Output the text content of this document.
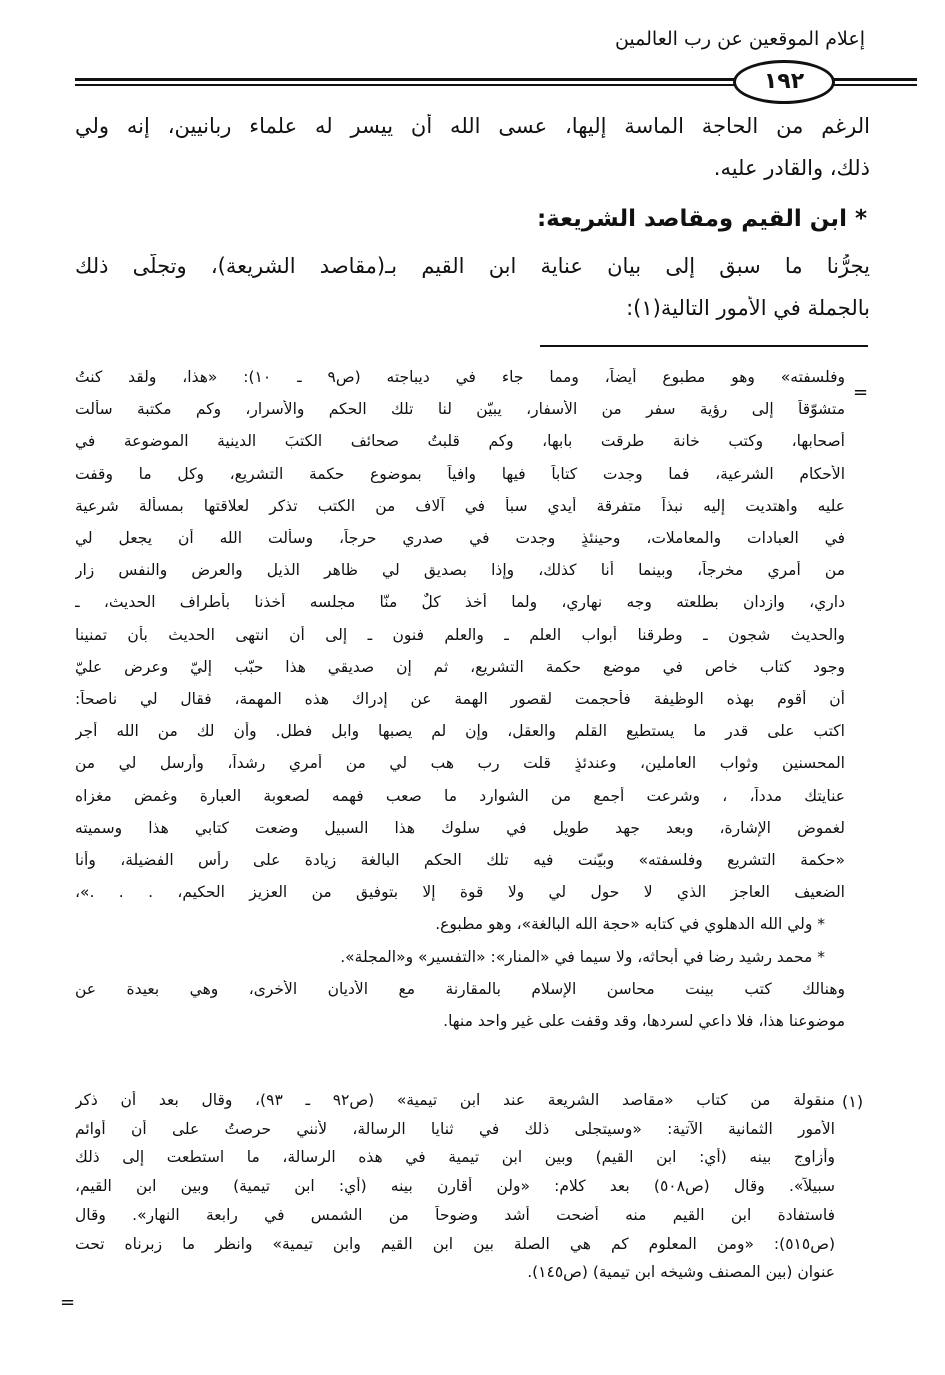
إعلام الموقعين عن رب العالمين
١٩٢
الرغم من الحاجة الماسة إليها، عسى الله أن ييسر له علماء ربانيين، إنه ولي
ذلك، والقادر عليه.
يجرُّنا ما سبق إلى بيان عناية ابن القيم بـ(مقاصد الشريعة)، وتجلَّى ذلك
بالجملة في الأمور التالية(١):
* ابن القيم ومقاصد الشريعة:
=
(١)
=
وفلسفته» وهو مطبوع أيضاً، ومما جاء في ديباجته (ص٩ ـ ١٠): «هذا، ولقد كنتُ
متشوّقاً إلى رؤية سفر من الأسفار، يبيّن لنا تلك الحكم والأسرار، وكم مكتبة سألت
أصحابها، وكتب خانة طرقت بابها، وكم قلبتُ صحائف الكتبَ الدينية الموضوعة في
الأحكام الشرعية، فما وجدت كتاباً فيها وافياً بموضوع حكمة التشريع، وكل ما وقفت
عليه واهتديت إليه نبذاً متفرقة أيدي سبأ في آلاف من الكتب تذكر لعلاقتها بمسألة شرعية
في العبادات والمعاملات، وحينئذٍ وجدت في صدري حرجاً، وسألت الله أن يجعل لي
من أمري مخرجاً، وبينما أنا كذلك، وإذا بصديق لي ظاهر الذيل والعرض والنفس زار
داري، وازدان بطلعته وجه نهاري، ولما أخذ كلٌ منّا مجلسه أخذنا بأطراف الحديث، ـ
والحديث شجون ـ وطرقنا أبواب العلم ـ والعلم فنون ـ إلى أن انتهى الحديث بأن تمنينا
وجود كتاب خاص في موضع حكمة التشريع، ثم إن صديقي هذا حبّب إليّ وعرض عليّ
أن أقوم بهذه الوظيفة فأحجمت لقصور الهمة عن إدراك هذه المهمة، فقال لي ناصحاً:
اكتب على قدر ما يستطيع القلم والعقل، وإن لم يصبها وابل فطل. وأن لك من الله أجر
المحسنين وثواب العاملين، وعندئذٍ قلت رب هب لي من أمري رشداً، وأرسل لي من
عنايتك مدداً، ، وشرعت أجمع من الشوارد ما صعب فهمه لصعوبة العبارة وغمض مغزاه
لغموض الإشارة، وبعد جهد طويل في سلوك هذا السبيل وضعت كتابي هذا وسميته
«حكمة التشريع وفلسفته» وبيّنت فيه تلك الحكم البالغة زيادة على رأس الفضيلة، وأنا
الضعيف العاجز الذي لا حول لي ولا قوة إلا بتوفيق من العزيز الحكيم، . . .»،
* ولي الله الدهلوي في كتابه «حجة الله البالغة»، وهو مطبوع.
* محمد رشيد رضا في أبحاثه، ولا سيما في «المنار»: «التفسير» و«المجلة».
وهنالك كتب بينت محاسن الإسلام بالمقارنة مع الأديان الأُخرى، وهي بعيدة عن
موضوعنا هذا، فلا داعي لسردها، وقد وقفت على غير واحد منها.
منقولة من كتاب «مقاصد الشريعة عند ابن تيمية» (ص٩٢ ـ ٩٣)، وقال بعد أن ذكر
الأمور الثمانية الآتية: «وسيتجلى ذلك في ثنايا الرسالة، لأنني حرصتُ على أن أوائم
وأزاوج بينه (أي: ابن القيم) وبين ابن تيمية في هذه الرسالة، ما استطعت إلى ذلك
سبيلاً». وقال (ص٥٠٨) بعد كلام: «ولن أقارن بينه (أي: ابن تيمية) وبين ابن القيم،
فاستفادة ابن القيم منه أضحت أشد وضوحاً من الشمس في رابعة النهار». وقال
(ص٥١٥): «ومن المعلوم كم هي الصلة بين ابن القيم وابن تيمية» وانظر ما زبرناه تحت
عنوان (بين المصنف وشيخه ابن تيمية) (ص١٤٥).
